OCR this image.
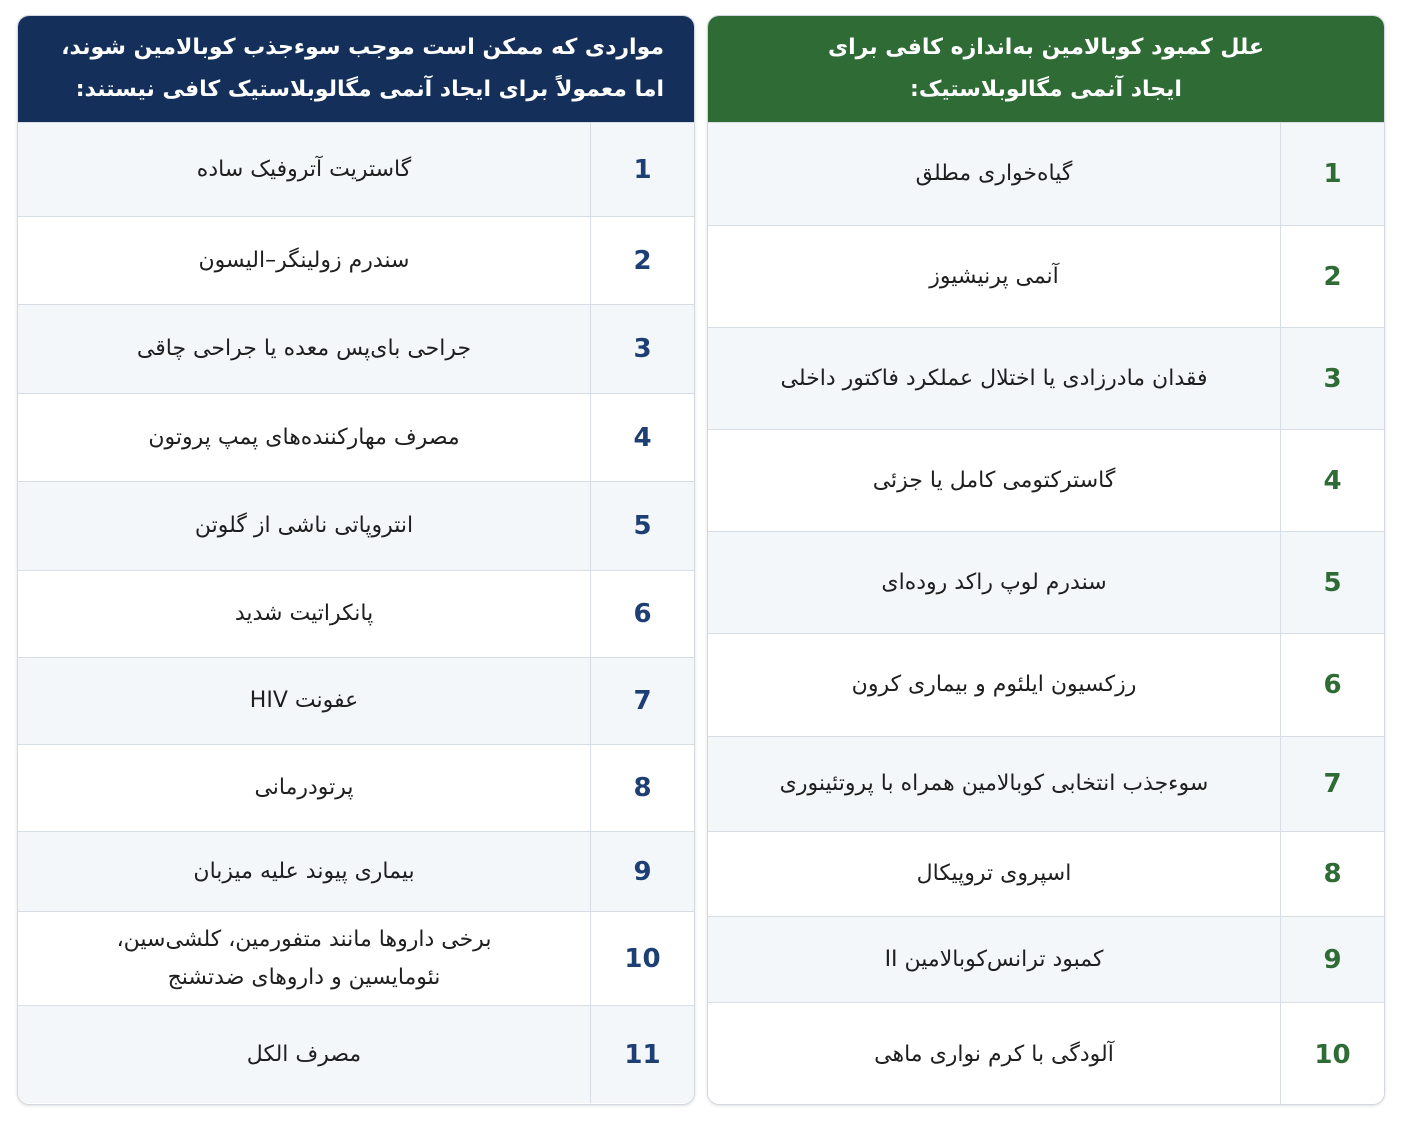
علل کمبود کوبالامین به‌اندازه کافی برای
ایجاد آنمی مگالوبلاستیک:
1
گیاه‌خواری مطلق
2
آنمی پرنیشیوز
3
فقدان مادرزادی یا اختلال عملکرد فاکتور داخلی
4
گاسترکتومی کامل یا جزئی
5
سندرم لوپ راکد روده‌ای
6
رزکسیون ایلئوم و بیماری کرون
7
سوءجذب انتخابی کوبالامین همراه با پروتئینوری
8
اسپروی تروپیکال
9
کمبود ترانس‌کوبالامین II
10
آلودگی با کرم نواری ماهی
مواردی که ممکن است موجب سوءجذب کوبالامین شوند،
اما معمولاً برای ایجاد آنمی مگالوبلاستیک کافی نیستند:
1
گاستریت آتروفیک ساده
2
سندرم زولینگر–الیسون
3
جراحی بای‌پس معده یا جراحی چاقی
4
مصرف مهارکننده‌های پمپ پروتون
5
انتروپاتی ناشی از گلوتن
6
پانکراتیت شدید
7
عفونت HIV
8
پرتودرمانی
9
بیماری پیوند علیه میزبان
10
برخی داروها مانند متفورمین، کلشی‌سین،
نئومایسین و داروهای ضدتشنج
11
مصرف الکل
